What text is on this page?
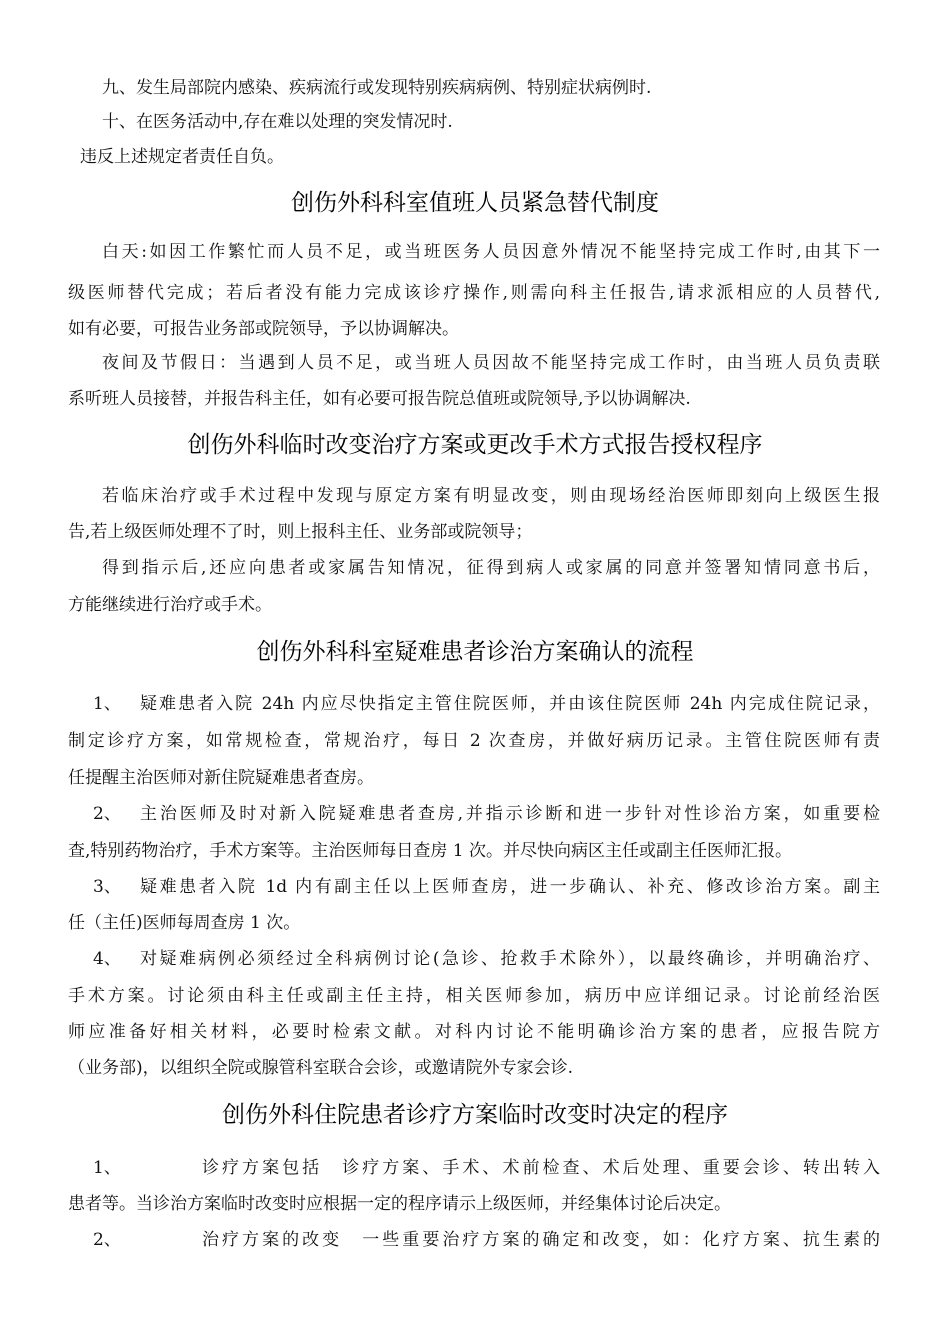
九、发生局部院内感染、疾病流行或发现特别疾病病例、特别症状病例时.
十、在医务活动中,存在难以处理的突发情况时.
违反上述规定者责任自负。
创伤外科科室值班人员紧急替代制度
白天:如因工作繁忙而人员不足，或当班医务人员因意外情况不能坚持完成工作时,由其下一
级医师替代完成；若后者没有能力完成该诊疗操作,则需向科主任报告,请求派相应的人员替代,
如有必要，可报告业务部或院领导，予以协调解决。
夜间及节假日：当遇到人员不足，或当班人员因故不能坚持完成工作时，由当班人员负责联
系听班人员接替，并报告科主任，如有必要可报告院总值班或院领导,予以协调解决.
创伤外科临时改变治疗方案或更改手术方式报告授权程序
若临床治疗或手术过程中发现与原定方案有明显改变，则由现场经治医师即刻向上级医生报
告,若上级医师处理不了时，则上报科主任、业务部或院领导；
得到指示后,还应向患者或家属告知情况，征得到病人或家属的同意并签署知情同意书后，
方能继续进行治疗或手术。
创伤外科科室疑难患者诊治方案确认的流程
1、	疑难患者入院 24h 内应尽快指定主管住院医师，并由该住院医师 24h 内完成住院记录，
制定诊疗方案，如常规检查，常规治疗，每日 2 次查房，并做好病历记录。主管住院医师有责
任提醒主治医师对新住院疑难患者查房。
2、	主治医师及时对新入院疑难患者查房,并指示诊断和进一步针对性诊治方案，如重要检
查,特别药物治疗，手术方案等。主治医师每日查房 1 次。并尽快向病区主任或副主任医师汇报。
3、	疑难患者入院 1d 内有副主任以上医师查房，进一步确认、补充、修改诊治方案。副主
任（主任)医师每周查房 1 次。
4、	对疑难病例必须经过全科病例讨论(急诊、抢救手术除外），以最终确诊，并明确治疗、
手术方案。讨论须由科主任或副主任主持，相关医师参加，病历中应详细记录。讨论前经治医
师应准备好相关材料，必要时检索文献。对科内讨论不能明确诊治方案的患者，应报告院方
（业务部)，以组织全院或腺管科室联合会诊，或邀请院外专家会诊.
创伤外科住院患者诊疗方案临时改变时决定的程序
1、	诊疗方案包括　诊疗方案、手术、术前检查、术后处理、重要会诊、转出转入
患者等。当诊治方案临时改变时应根据一定的程序请示上级医师，并经集体讨论后决定。
2、	治疗方案的改变　一些重要治疗方案的确定和改变，如：化疗方案、抗生素的
